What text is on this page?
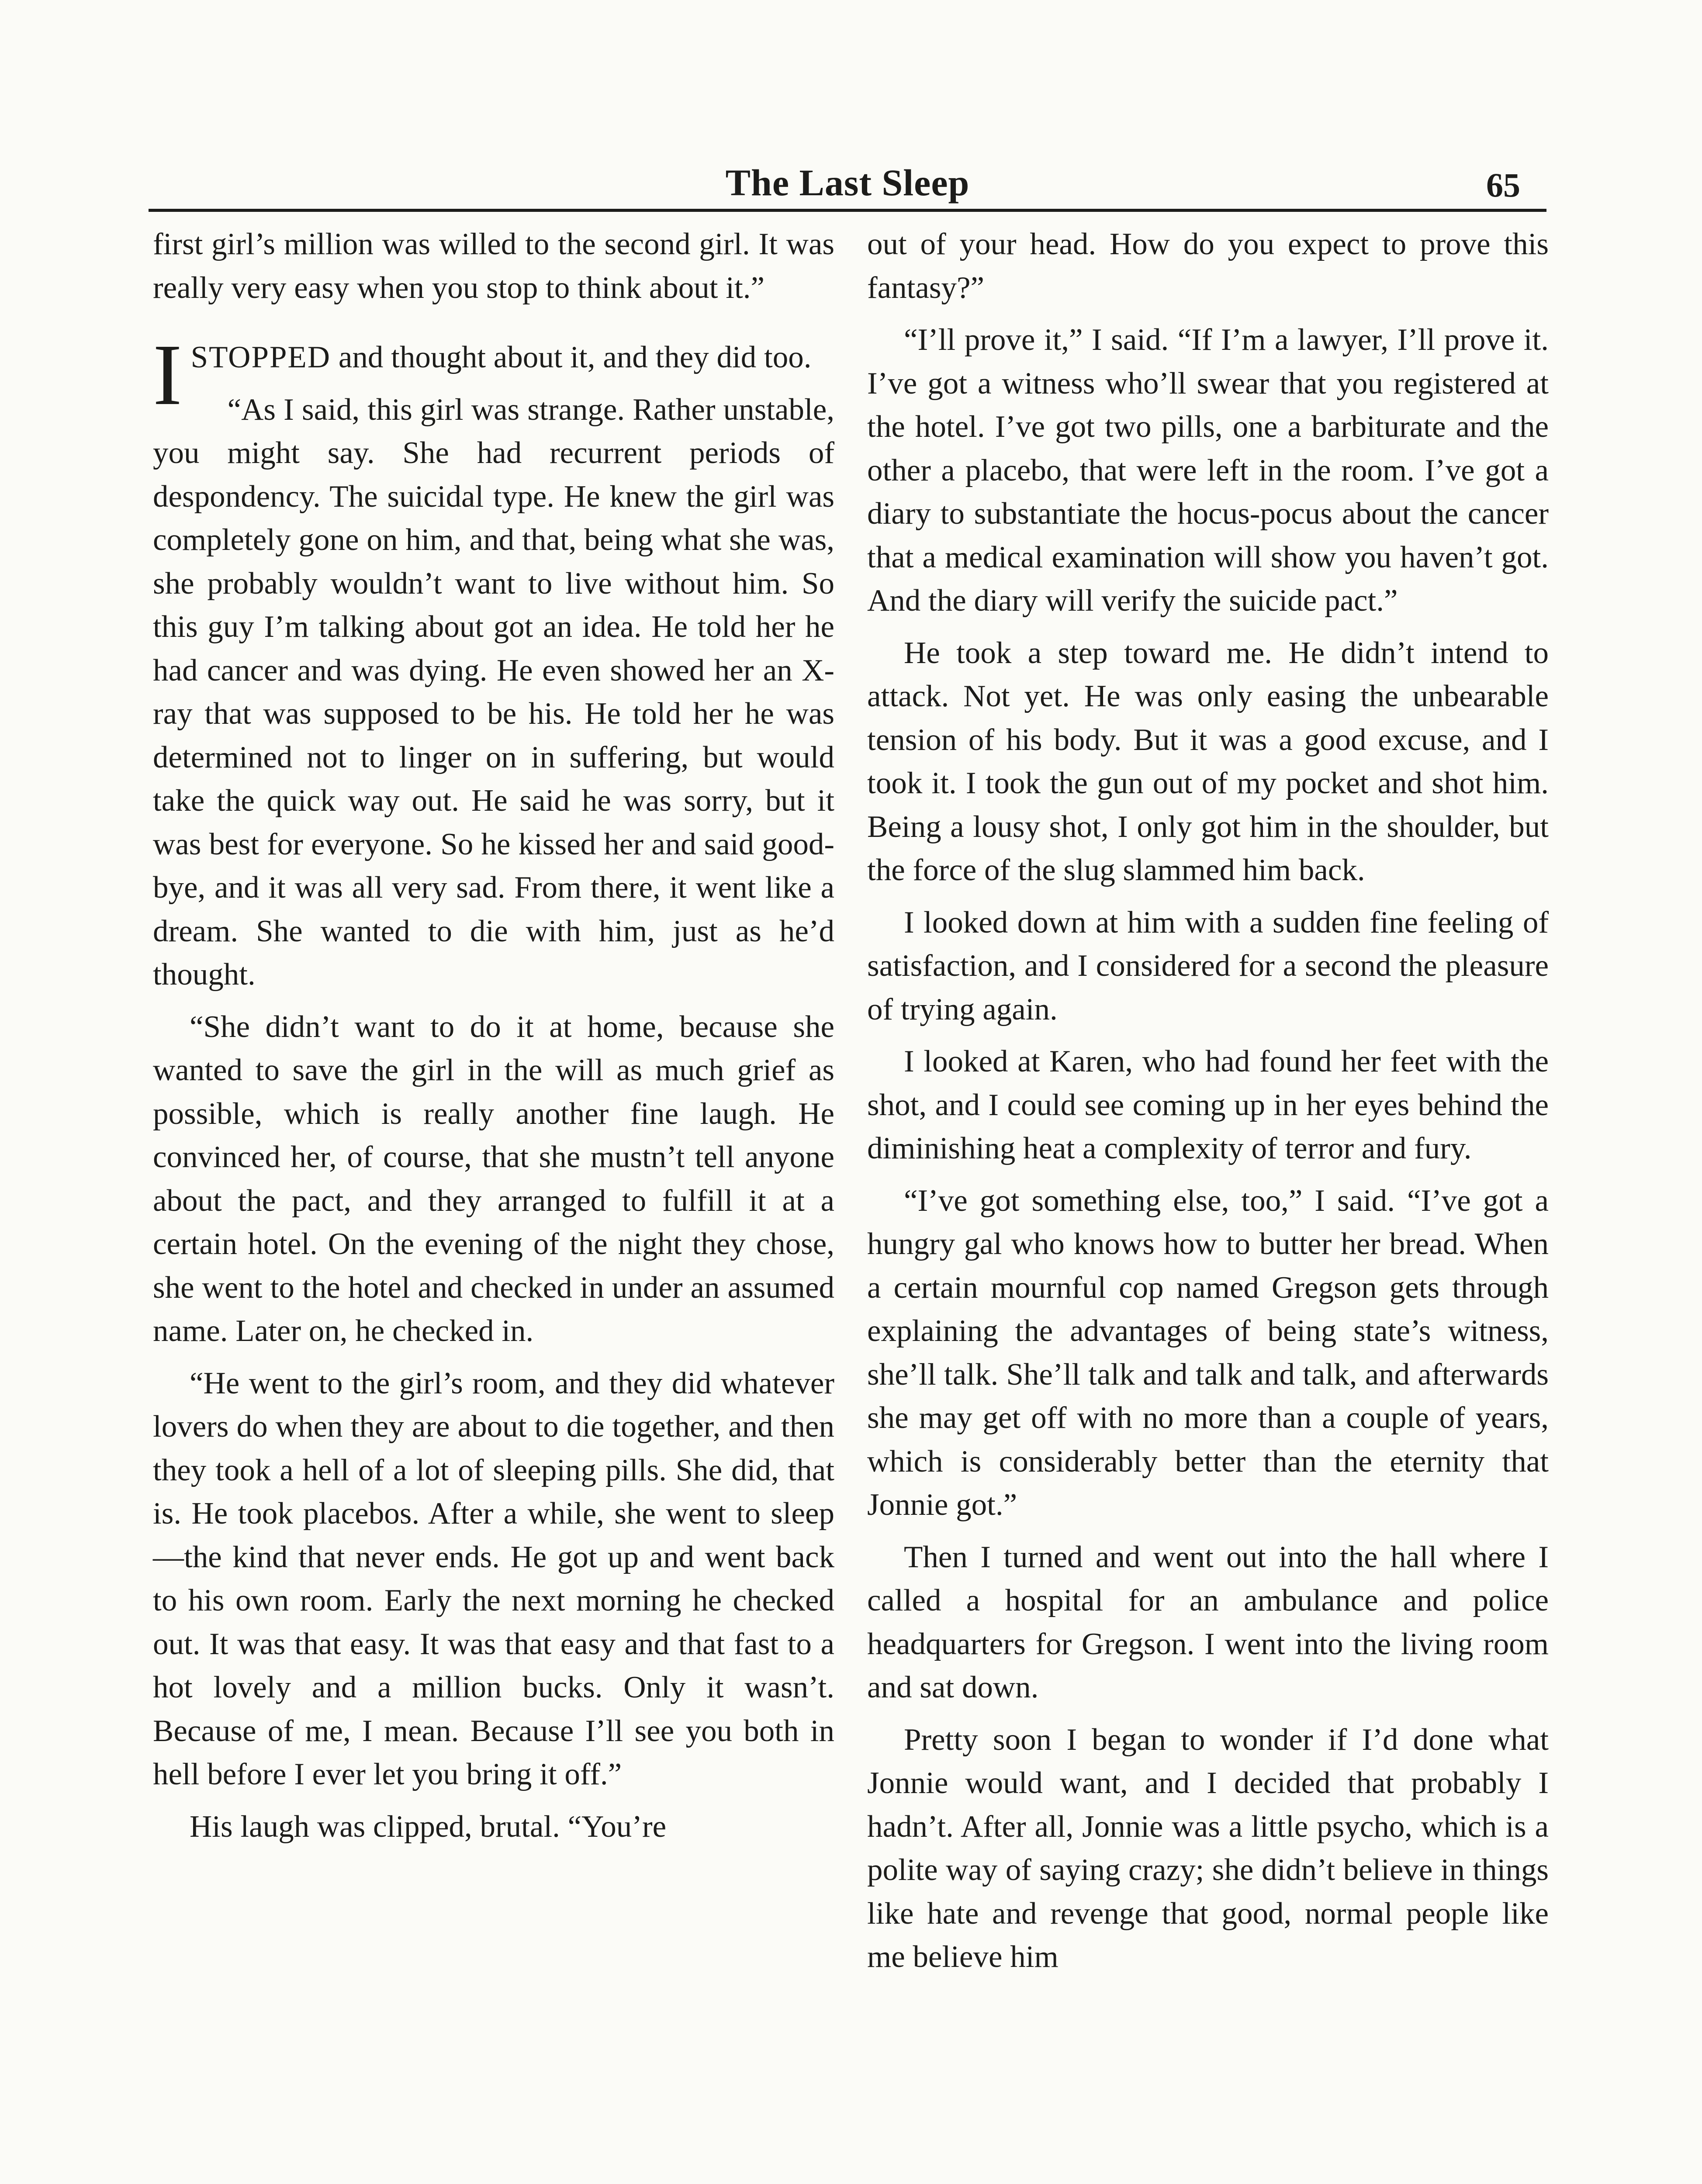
The Last Sleep	65

first girl’s million was willed to the second girl. It was really very easy when you stop to think about it.”

ISTOPPED and thought about it, and they did too.

“As I said, this girl was strange. Rather unstable, you might say. She had recurrent periods of despondency. The suicidal type. He knew the girl was completely gone on him, and that, being what she was, she probably wouldn’t want to live without him. So this guy I’m talking about got an idea. He told her he had cancer and was dying. He even showed her an X-ray that was supposed to be his. He told her he was determined not to linger on in suffering, but would take the quick way out. He said he was sorry, but it was best for everyone. So he kissed her and said good-bye, and it was all very sad. From there, it went like a dream. She wanted to die with him, just as he’d thought.

“She didn’t want to do it at home, because she wanted to save the girl in the will as much grief as possible, which is really another fine laugh. He convinced her, of course, that she mustn’t tell anyone about the pact, and they arranged to fulfill it at a certain hotel. On the evening of the night they chose, she went to the hotel and checked in under an assumed name. Later on, he checked in.

“He went to the girl’s room, and they did whatever lovers do when they are about to die together, and then they took a hell of a lot of sleeping pills. She did, that is. He took placebos. After a while, she went to sleep—the kind that never ends. He got up and went back to his own room. Early the next morning he checked out. It was that easy. It was that easy and that fast to a hot lovely and a million bucks. Only it wasn’t. Because of me, I mean. Because I’ll see you both in hell before I ever let you bring it off.”

His laugh was clipped, brutal. “You’re

out of your head. How do you expect to prove this fantasy?”

“I’ll prove it,” I said. “If I’m a lawyer, I’ll prove it. I’ve got a witness who’ll swear that you registered at the hotel. I’ve got two pills, one a barbiturate and the other a placebo, that were left in the room. I’ve got a diary to substantiate the hocus-pocus about the cancer that a medical examination will show you haven’t got. And the diary will verify the suicide pact.”

He took a step toward me. He didn’t intend to attack. Not yet. He was only easing the unbearable tension of his body. But it was a good excuse, and I took it. I took the gun out of my pocket and shot him. Being a lousy shot, I only got him in the shoulder, but the force of the slug slammed him back.

I looked down at him with a sudden fine feeling of satisfaction, and I considered for a second the pleasure of trying again.

I looked at Karen, who had found her feet with the shot, and I could see coming up in her eyes behind the diminishing heat a complexity of terror and fury.

“I’ve got something else, too,” I said. “I’ve got a hungry gal who knows how to butter her bread. When a certain mournful cop named Gregson gets through explaining the advantages of being state’s witness, she’ll talk. She’ll talk and talk and talk, and afterwards she may get off with no more than a couple of years, which is considerably better than the eternity that Jonnie got.”

Then I turned and went out into the hall where I called a hospital for an ambulance and police headquarters for Gregson. I went into the living room and sat down.

Pretty soon I began to wonder if I’d done what Jonnie would want, and I decided that probably I hadn’t. After all, Jonnie was a little psycho, which is a polite way of saying crazy; she didn’t believe in things like hate and revenge that good, normal people like me believe him
